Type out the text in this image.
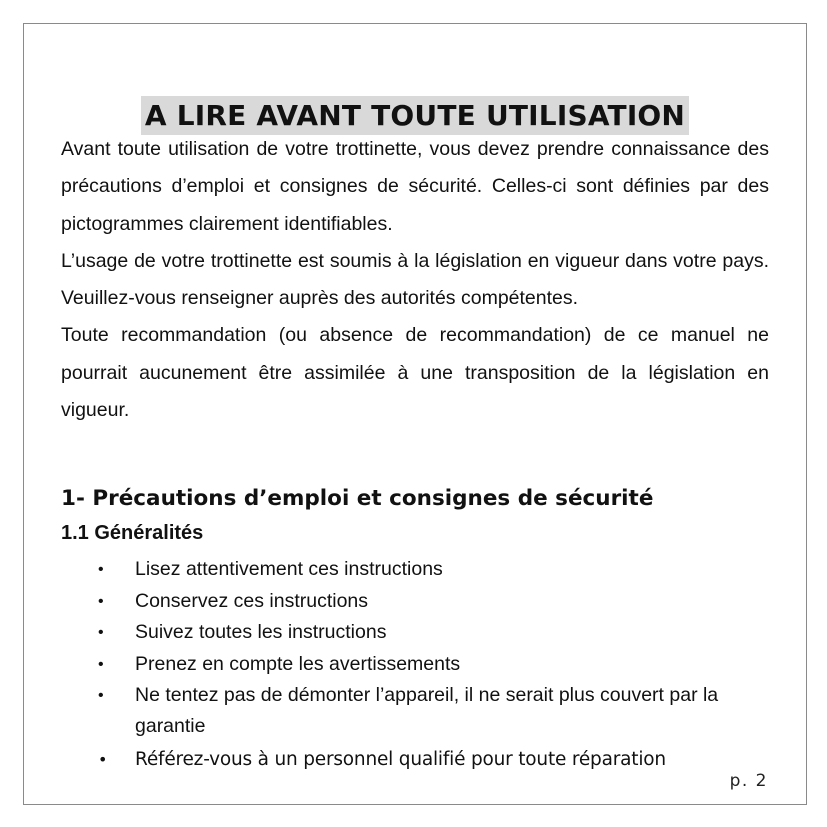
A LIRE AVANT TOUTE UTILISATION

Avant toute utilisation de votre trottinette, vous devez prendre connaissance des précautions d’emploi et consignes de sécurité. Celles-ci sont définies par des pictogrammes clairement identifiables.

L’usage de votre trottinette est soumis à la législation en vigueur dans votre pays. Veuillez-vous renseigner auprès des autorités compétentes.

Toute recommandation (ou absence de recommandation) de ce manuel ne pourrait aucunement être assimilée à une transposition de la législation en vigueur.

1- Précautions d’emploi et consignes de sécurité
1.1 Généralités
• Lisez attentivement ces instructions
• Conservez ces instructions
• Suivez toutes les instructions
• Prenez en compte les avertissements
• Ne tentez pas de démonter l’appareil, il ne serait plus couvert par la garantie
• Référez-vous à un personnel qualifié pour toute réparation
p. 2
